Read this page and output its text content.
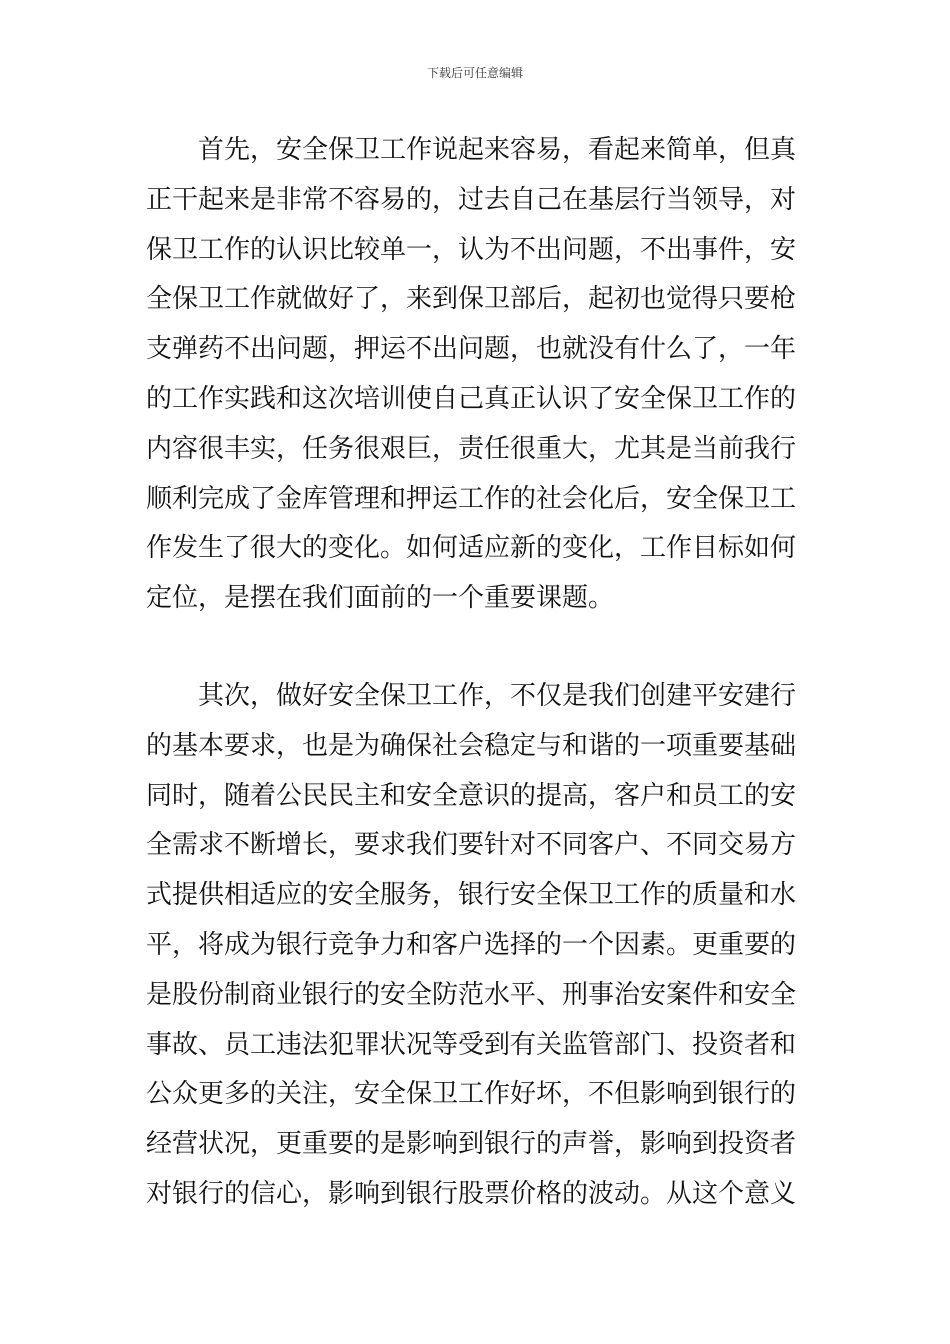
下载后可任意编辑
首先，安全保卫工作说起来容易，看起来简单，但真
正干起来是非常不容易的，过去自己在基层行当领导，对
保卫工作的认识比较单一，认为不出问题，不出事件，安
全保卫工作就做好了，来到保卫部后，起初也觉得只要枪
支弹药不出问题，押运不出问题，也就没有什么了，一年
的工作实践和这次培训使自己真正认识了安全保卫工作的
内容很丰实，任务很艰巨，责任很重大，尤其是当前我行
顺利完成了金库管理和押运工作的社会化后，安全保卫工
作发生了很大的变化。如何适应新的变化，工作目标如何
定位，是摆在我们面前的一个重要课题。
其次，做好安全保卫工作，不仅是我们创建平安建行
的基本要求，也是为确保社会稳定与和谐的一项重要基础
同时，随着公民民主和安全意识的提高，客户和员工的安
全需求不断增长，要求我们要针对不同客户、不同交易方
式提供相适应的安全服务，银行安全保卫工作的质量和水
平，将成为银行竞争力和客户选择的一个因素。更重要的
是股份制商业银行的安全防范水平、刑事治安案件和安全
事故、员工违法犯罪状况等受到有关监管部门、投资者和
公众更多的关注，安全保卫工作好坏，不但影响到银行的
经营状况，更重要的是影响到银行的声誉，影响到投资者
对银行的信心，影响到银行股票价格的波动。从这个意义
